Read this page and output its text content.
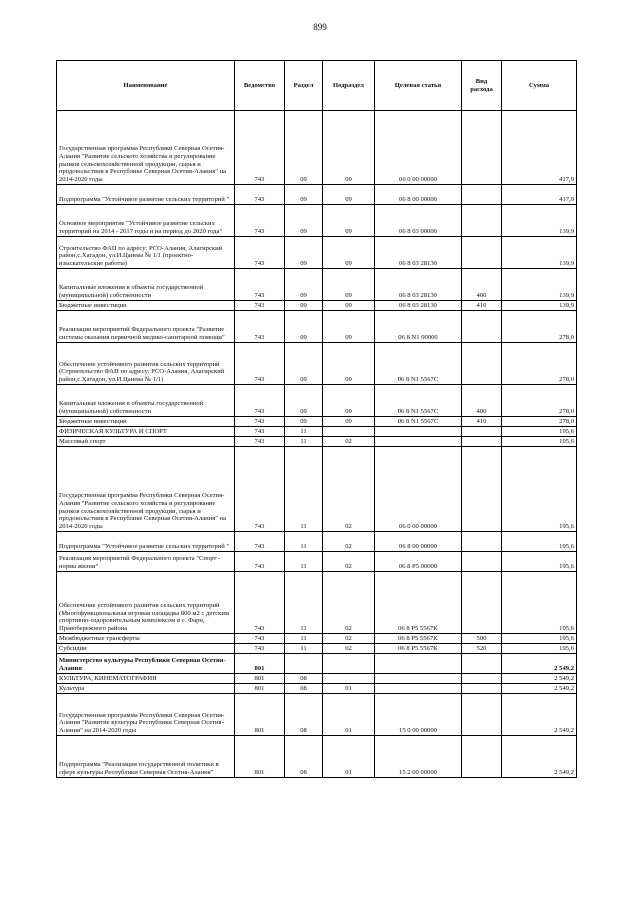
899
Наименование	Ведомство	Раздел	Подраздел	Целевая статья	Вид расхода	Сумма
Государственная программа Республики Северная Осетия-Алания "Развитие сельского хозяйства и регулирование рынков сельскохозяйственной продукции, сырья и продовольствия в Республике Северная Осетия-Алания" на 2014-2020 годы	743	09	09	06 0 00 00000		417,9
Подпрограмма "Устойчивое развитие сельских территорий "	743	09	09	06 8 00 00000		417,9
Основное мероприятие "Устойчивое развитие сельских территорий на 2014 - 2017 годы и на период до 2020 года"	743	09	09	06 8 03 00000		139,9
Строительство ФАП по адресу: РСО-Алания, Алагирский район,с.Хатадон, ул.И.Цаиева № 1/1 (проектно-изыскательские работы)	743	09	09	06 8 03 28130		139,9
Капитальные вложения в объекты государственной (муниципальной) собственности	743	09	09	06 8 03 28130	400	139,9
Бюджетные инвестиции	743	09	09	06 8 03 28130	410	139,9
Реализация мероприятий Федерального проекта "Развитие системы оказания первичной медико-санитарной помощи"	743	09	09	06 8 N1 00000		278,0
Обеспечение устойчивого развития сельских территорий (Строительство ФАП по адресу: РСО-Алания, Алагирский район,с.Хатадон, ул.И.Цаиева № 1/1)	743	09	09	06 8 N1 5567C		278,0
Капитальные вложения в объекты государственной (муниципальной) собственности	743	09	09	06 8 N1 5567C	400	278,0
Бюджетные инвестиции	743	09	09	06 8 N1 5567C	410	278,0
ФИЗИЧЕСКАЯ КУЛЬТУРА И СПОРТ	743	11				195,6
Массовый спорт	743	11	02			195,6
Государственная программа Республики Северная Осетия-Алания "Развитие сельского хозяйства и регулирование рынков сельскохозяйственной продукции, сырья и продовольствия в Республике Северная Осетия-Алания" на 2014-2020 годы	743	11	02	06 0 00 00000		195,6
Подпрограмма "Устойчивое развитие сельских территорий "	743	11	02	06 8 00 00000		195,6
Реализация мероприятий Федерального проекта "Спорт - норма жизни"	743	11	02	06 8 P5 00000		195,6
Обеспечение устойчивого развития сельских территорий (Многофункциональная игровая площадка 800 м2 с детским спортивно-оздоровительным комплексом в с. Фарн, Правобережного района	743	11	02	06 8 P5 5567K		195,6
Межбюджетные трансферты	743	11	02	06 8 P5 5567K	500	195,6
Субсидии	743	11	02	06 8 P5 5567K	520	195,6
Министерство культуры Республики Северная Осетия-Алания	801					2 549,2
КУЛЬТУРА, КИНЕМАТОГРАФИЯ	801	08				2 549,2
Культура	801	08	01			2 549,2
Государственная программа Республики Северная Осетия-Алания "Развитие культуры Республики Северная Осетия-Алания" на 2014-2020 годы	801	08	01	15 0 00 00000		2 549,2
Подпрограмма "Реализация государственной политики в сфере культуры Республики Северная Осетия-Алания"	801	08	01	15 2 00 00000		2 549,2
